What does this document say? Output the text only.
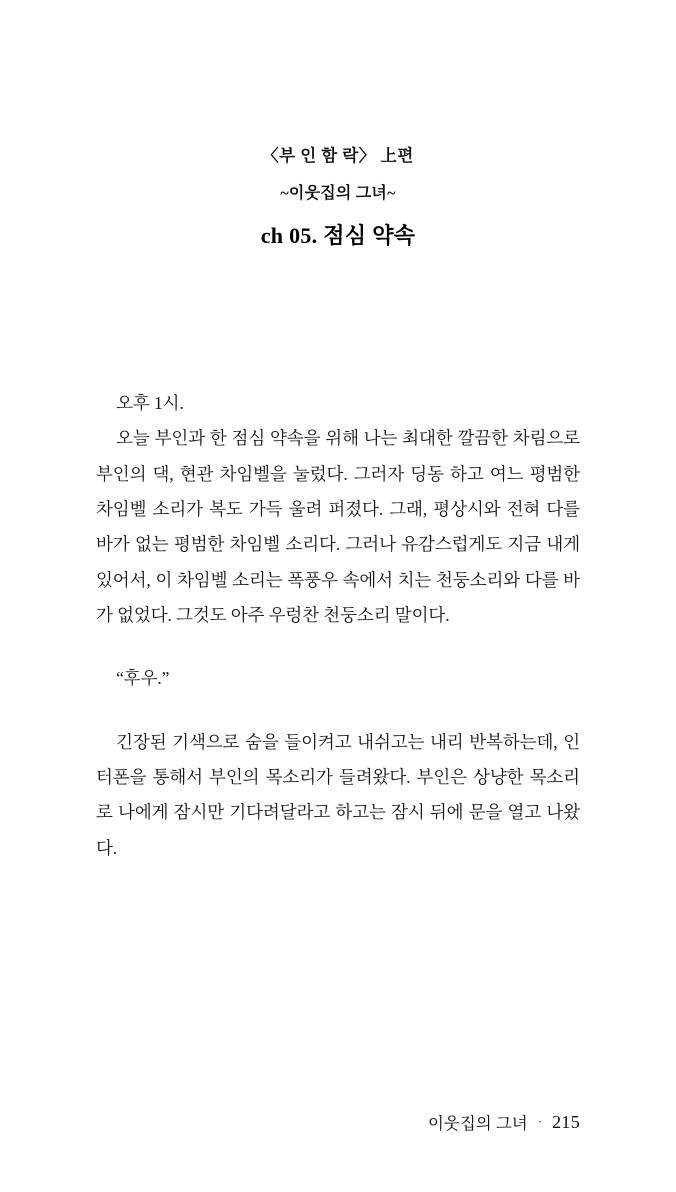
〈부 인 함 락〉 上편
~이웃집의 그녀~
ch 05. 점심 약속

오후 1시.

오늘 부인과 한 점심 약속을 위해 나는 최대한 깔끔한 차림으로 부인의 댁, 현관 차임벨을 눌렀다. 그러자 딩동 하고 여느 평범한 차임벨 소리가 복도 가득 울려 퍼졌다. 그래, 평상시와 전혀 다를 바가 없는 평범한 차임벨 소리다. 그러나 유감스럽게도 지금 내게 있어서, 이 차임벨 소리는 폭풍우 속에서 치는 천둥소리와 다를 바가 없었다. 그것도 아주 우렁찬 천둥소리 말이다.

“후우.”

긴장된 기색으로 숨을 들이켜고 내쉬고는 내리 반복하는데, 인터폰을 통해서 부인의 목소리가 들려왔다. 부인은 상냥한 목소리로 나에게 잠시만 기다려달라고 하고는 잠시 뒤에 문을 열고 나왔다.

이웃집의 그녀 · 215
